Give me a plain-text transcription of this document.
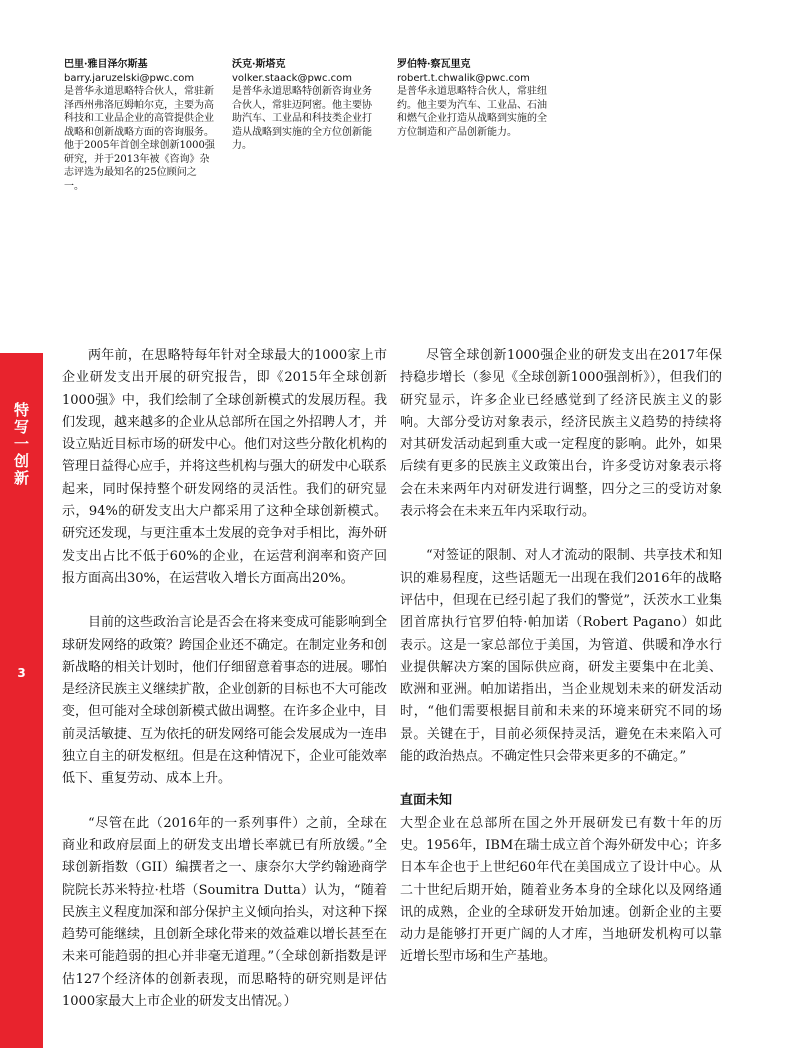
巴里·雅目泽尔斯基
barry.jaruzelski@pwc.com
是普华永道思略特合伙人，常驻新泽西州弗洛厄姆帕尔克，主要为高科技和工业品企业的高管提供企业战略和创新战略方面的咨询服务。他于2005年首创全球创新1000强研究，并于2013年被《咨询》杂志评选为最知名的25位顾问之一。
沃克·斯塔克
volker.staack@pwc.com
是普华永道思略特创新咨询业务合伙人，常驻迈阿密。他主要协助汽车、工业品和科技类企业打造从战略到实施的全方位创新能力。
罗伯特·察瓦里克
robert.t.chwalik@pwc.com
是普华永道思略特合伙人，常驻纽约。他主要为汽车、工业品、石油和燃气企业打造从战略到实施的全方位制造和产品创新能力。
特
写
一
创
新
3

两年前，在思略特每年针对全球最大的1000家上市企业研发支出开展的研究报告，即《2015年全球创新1000强》中，我们绘制了全球创新模式的发展历程。我们发现，越来越多的企业从总部所在国之外招聘人才，并设立贴近目标市场的研发中心。他们对这些分散化机构的管理日益得心应手，并将这些机构与强大的研发中心联系起来，同时保持整个研发网络的灵活性。我们的研究显示，94%的研发支出大户都采用了这种全球创新模式。研究还发现，与更注重本土发展的竞争对手相比，海外研发支出占比不低于60%的企业，在运营利润率和资产回报方面高出30%，在运营收入增长方面高出20%。

目前的这些政治言论是否会在将来变成可能影响到全球研发网络的政策？跨国企业还不确定。在制定业务和创新战略的相关计划时，他们仔细留意着事态的进展。哪怕是经济民族主义继续扩散，企业创新的目标也不大可能改变，但可能对全球创新模式做出调整。在许多企业中，目前灵活敏捷、互为依托的研发网络可能会发展成为一连串独立自主的研发枢纽。但是在这种情况下，企业可能效率低下、重复劳动、成本上升。

“尽管在此（2016年的一系列事件）之前，全球在商业和政府层面上的研发支出增长率就已有所放缓。”全球创新指数（GII）编撰者之一、康奈尔大学约翰逊商学院院长苏米特拉·杜塔（Soumitra Dutta）认为，“随着民族主义程度加深和部分保护主义倾向抬头，对这种下探趋势可能继续，且创新全球化带来的效益难以增长甚至在未来可能趋弱的担心并非毫无道理。”（全球创新指数是评估127个经济体的创新表现，而思略特的研究则是评估1000家最大上市企业的研发支出情况。）

尽管全球创新1000强企业的研发支出在2017年保持稳步增长（参见《全球创新1000强剖析》），但我们的研究显示，许多企业已经感觉到了经济民族主义的影响。大部分受访对象表示，经济民族主义趋势的持续将对其研发活动起到重大或一定程度的影响。此外，如果后续有更多的民族主义政策出台，许多受访对象表示将会在未来两年内对研发进行调整，四分之三的受访对象表示将会在未来五年内采取行动。

“对签证的限制、对人才流动的限制、共享技术和知识的难易程度，这些话题无一出现在我们2016年的战略评估中，但现在已经引起了我们的警觉”，沃茨水工业集团首席执行官罗伯特·帕加诺（Robert Pagano）如此表示。这是一家总部位于美国，为管道、供暖和净水行业提供解决方案的国际供应商，研发主要集中在北美、欧洲和亚洲。帕加诺指出，当企业规划未来的研发活动时，“他们需要根据目前和未来的环境来研究不同的场景。关键在于，目前必须保持灵活，避免在未来陷入可能的政治热点。不确定性只会带来更多的不确定。”

直面未知

大型企业在总部所在国之外开展研发已有数十年的历史。1956年，IBM在瑞士成立首个海外研发中心；许多日本车企也于上世纪60年代在美国成立了设计中心。从二十世纪后期开始，随着业务本身的全球化以及网络通讯的成熟，企业的全球研发开始加速。创新企业的主要动力是能够打开更广阔的人才库，当地研发机构可以靠近增长型市场和生产基地。
